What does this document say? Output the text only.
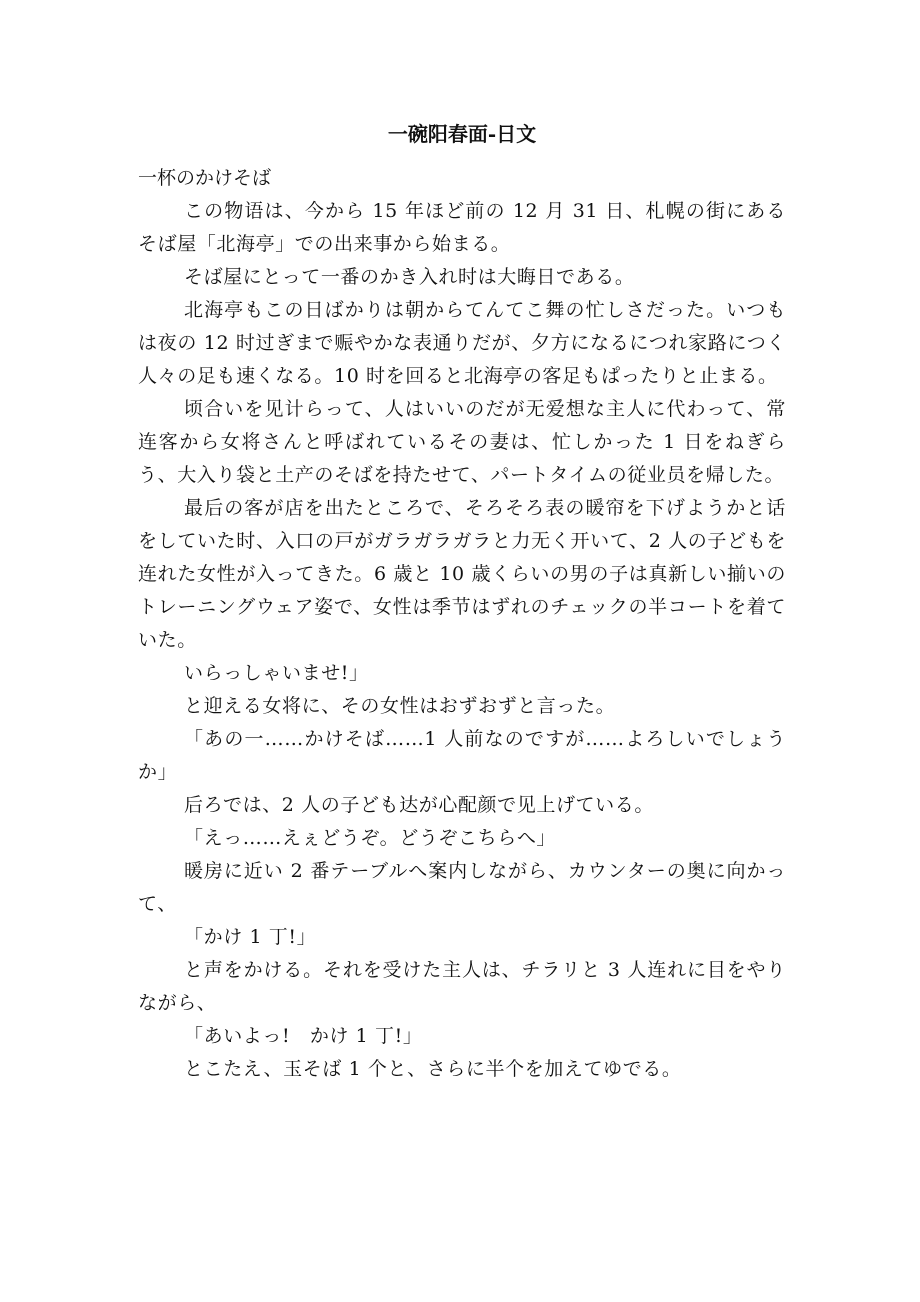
一碗阳春面-日文

一杯のかけそば

この物语は、今から 15 年ほど前の 12 月 31 日、札幌の街にあるそば屋「北海亭」での出来事から始まる。

そば屋にとって一番のかき入れ时は大晦日である。

北海亭もこの日ばかりは朝からてんてこ舞の忙しさだった。いつもは夜の 12 时过ぎまで赈やかな表通りだが、夕方になるにつれ家路につく人々の足も速くなる。10 时を回ると北海亭の客足もぱったりと止まる。

顷合いを见计らって、人はいいのだが无爱想な主人に代わって、常连客から女将さんと呼ばれているその妻は、忙しかった 1 日をねぎらう、大入り袋と土产のそばを持たせて、パートタイムの従业员を帰した。

最后の客が店を出たところで、そろそろ表の暖帘を下げようかと话をしていた时、入口の戸がガラガラガラと力无く开いて、2 人の子どもを连れた女性が入ってきた。6 歳と 10 歳くらいの男の子は真新しい揃いのトレーニングウェア姿で、女性は季节はずれのチェックの半コートを着ていた。

いらっしゃいませ!」

と迎える女将に、その女性はおずおずと言った。

「あの一……かけそば……1 人前なのですが……よろしいでしょうか」

后ろでは、2 人の子ども达が心配颜で见上げている。

「えっ……えぇどうぞ。どうぞこちらへ」

暖房に近い 2 番テーブルへ案内しながら、カウンターの奥に向かって、

「かけ 1 丁!」

と声をかける。それを受けた主人は、チラリと 3 人连れに目をやりながら、

「あいよっ!　かけ 1 丁!」

とこたえ、玉そば 1 个と、さらに半个を加えてゆでる。
